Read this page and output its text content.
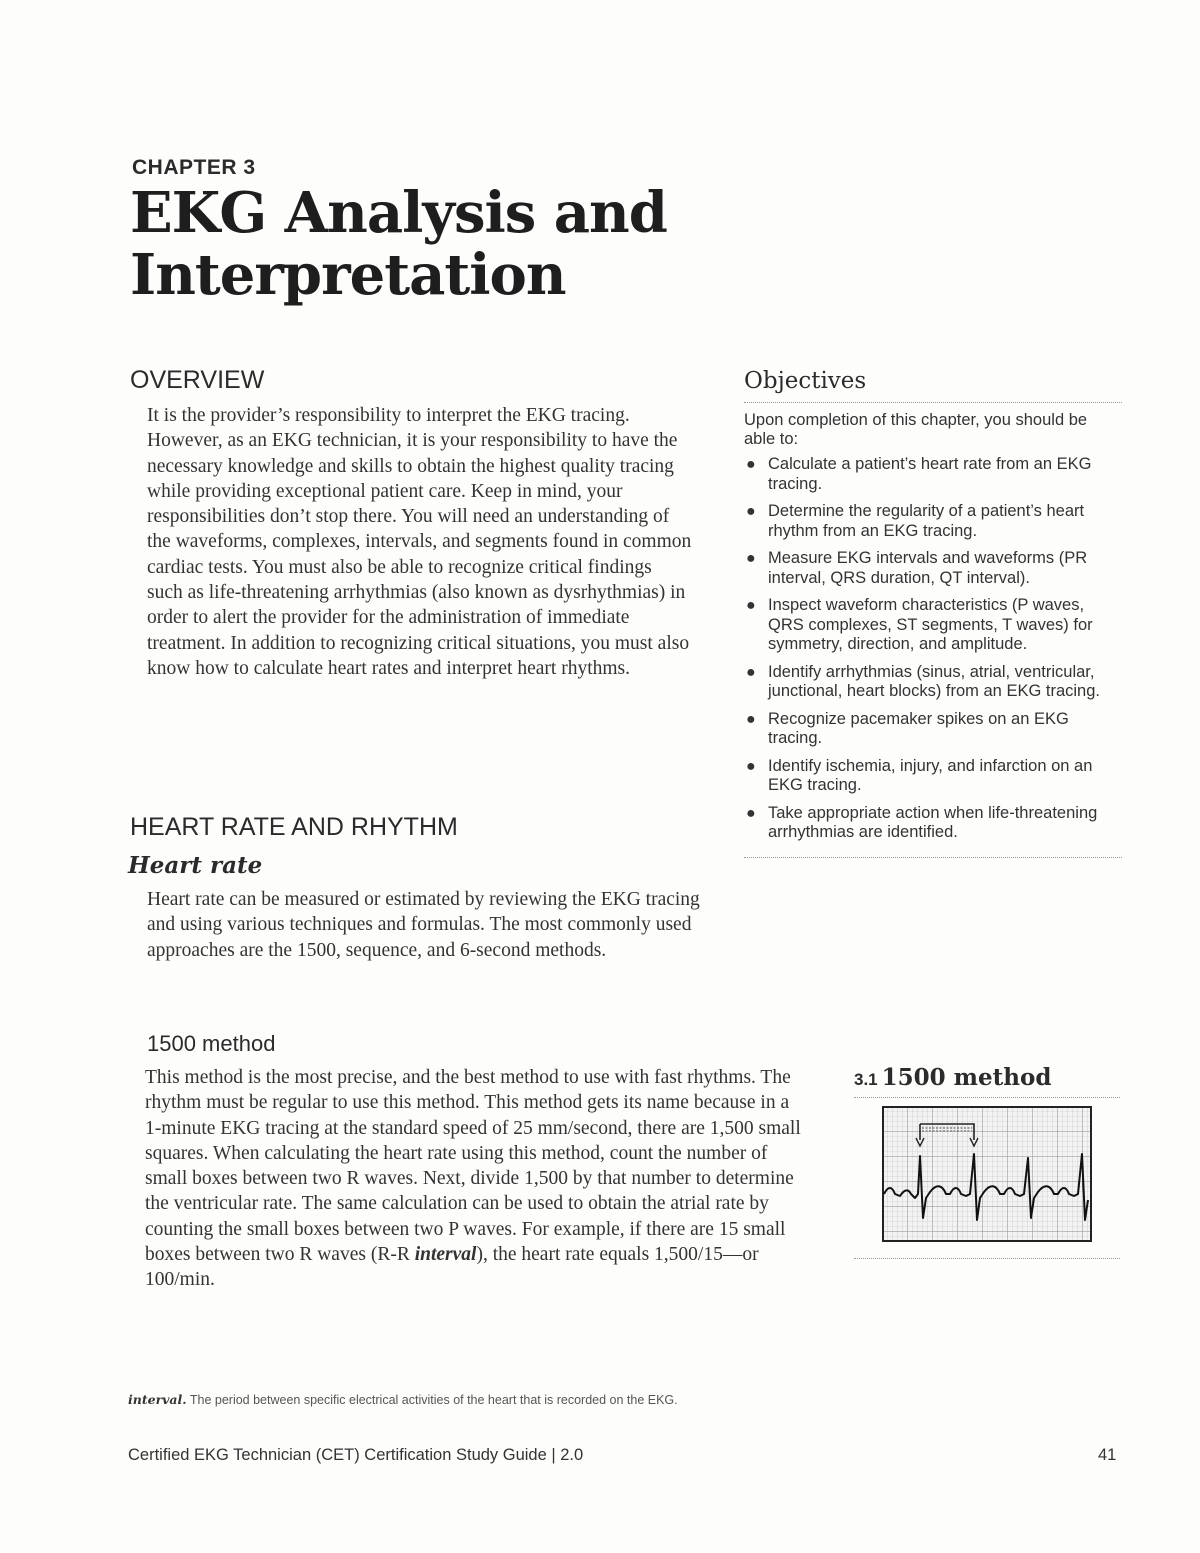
CHAPTER 3
EKG Analysis and Interpretation
OVERVIEW

It is the provider’s responsibility to interpret the EKG tracing. However, as an EKG technician, it is your responsibility to have the necessary knowledge and skills to obtain the highest quality tracing while providing exceptional patient care. Keep in mind, your responsibilities don’t stop there. You will need an understanding of the waveforms, complexes, intervals, and segments found in common cardiac tests. You must also be able to recognize critical findings such as life-threatening arrhythmias (also known as dysrhythmias) in order to alert the provider for the administration of immediate treatment. In addition to recognizing critical situations, you must also know how to calculate heart rates and interpret heart rhythms.

HEART RATE AND RHYTHM
Heart rate

Heart rate can be measured or estimated by reviewing the EKG tracing and using various techniques and formulas. The most commonly used approaches are the 1500, sequence, and 6-second methods.

1500 method

This method is the most precise, and the best method to use with fast rhythms. The rhythm must be regular to use this method. This method gets its name because in a 1-minute EKG tracing at the standard speed of 25 mm/second, there are 1,500 small squares. When calculating the heart rate using this method, count the number of small boxes between two R waves. Next, divide 1,500 by that number to determine the ventricular rate. The same calculation can be used to obtain the atrial rate by counting the small boxes between two P waves. For example, if there are 15 small boxes between two R waves (R-R interval), the heart rate equals 1,500/15—or 100/min.

Objectives

Upon completion of this chapter, you should be able to:

● Calculate a patient’s heart rate from an EKG tracing.
● Determine the regularity of a patient’s heart rhythm from an EKG tracing.
● Measure EKG intervals and waveforms (PR interval, QRS duration, QT interval).
● Inspect waveform characteristics (P waves, QRS complexes, ST segments, T waves) for symmetry, direction, and amplitude.
● Identify arrhythmias (sinus, atrial, ventricular, junctional, heart blocks) from an EKG tracing.
● Recognize pacemaker spikes on an EKG tracing.
● Identify ischemia, injury, and infarction on an EKG tracing.
● Take appropriate action when life-threatening arrhythmias are identified.
3.1 1500 method

interval. The period between specific electrical activities of the heart that is recorded on the EKG.

Certified EKG Technician (CET) Certification Study Guide | 2.0	41
